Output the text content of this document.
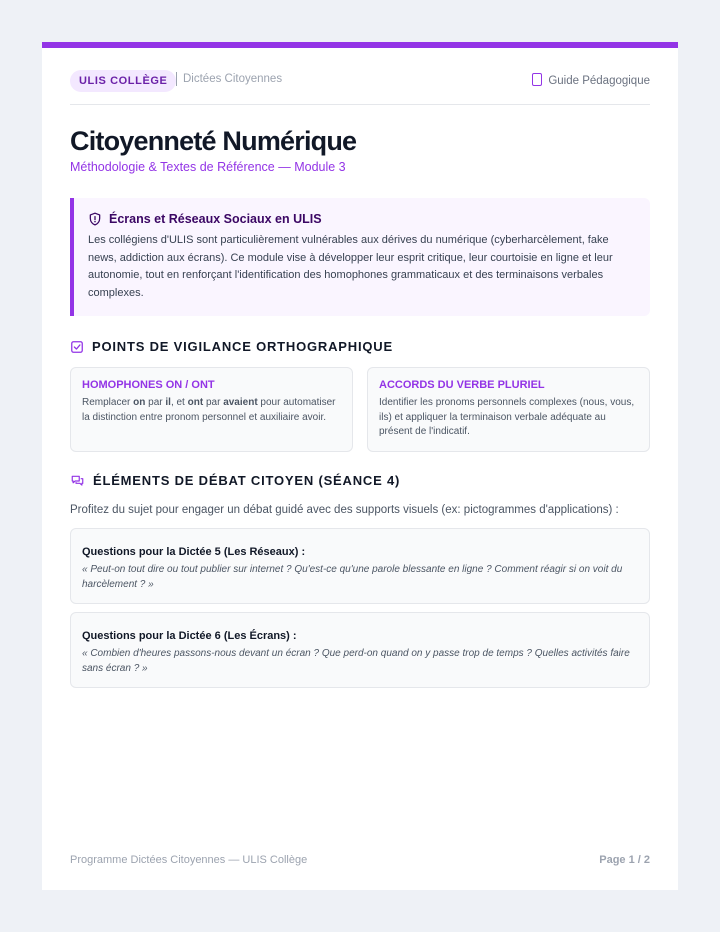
ULIS COLLÈGE	Dictées Citoyennes	Guide Pédagogique
Citoyenneté Numérique
Méthodologie & Textes de Référence — Module 3
Écrans et Réseaux Sociaux en ULIS
Les collégiens d'ULIS sont particulièrement vulnérables aux dérives du numérique (cyberharcèlement, fake news, addiction aux écrans). Ce module vise à développer leur esprit critique, leur courtoisie en ligne et leur autonomie, tout en renforçant l'identification des homophones grammaticaux et des terminaisons verbales complexes.
POINTS DE VIGILANCE ORTHOGRAPHIQUE
HOMOPHONES ON / ONT
Remplacer on par il, et ont par avaient pour automatiser la distinction entre pronom personnel et auxiliaire avoir.
ACCORDS DU VERBE PLURIEL
Identifier les pronoms personnels complexes (nous, vous, ils) et appliquer la terminaison verbale adéquate au présent de l'indicatif.
ÉLÉMENTS DE DÉBAT CITOYEN (SÉANCE 4)
Profitez du sujet pour engager un débat guidé avec des supports visuels (ex: pictogrammes d'applications) :
Questions pour la Dictée 5 (Les Réseaux) :
« Peut-on tout dire ou tout publier sur internet ? Qu'est-ce qu'une parole blessante en ligne ? Comment réagir si on voit du harcèlement ? »
Questions pour la Dictée 6 (Les Écrans) :
« Combien d'heures passons-nous devant un écran ? Que perd-on quand on y passe trop de temps ? Quelles activités faire sans écran ? »
Programme Dictées Citoyennes — ULIS Collège	Page 1 / 2
